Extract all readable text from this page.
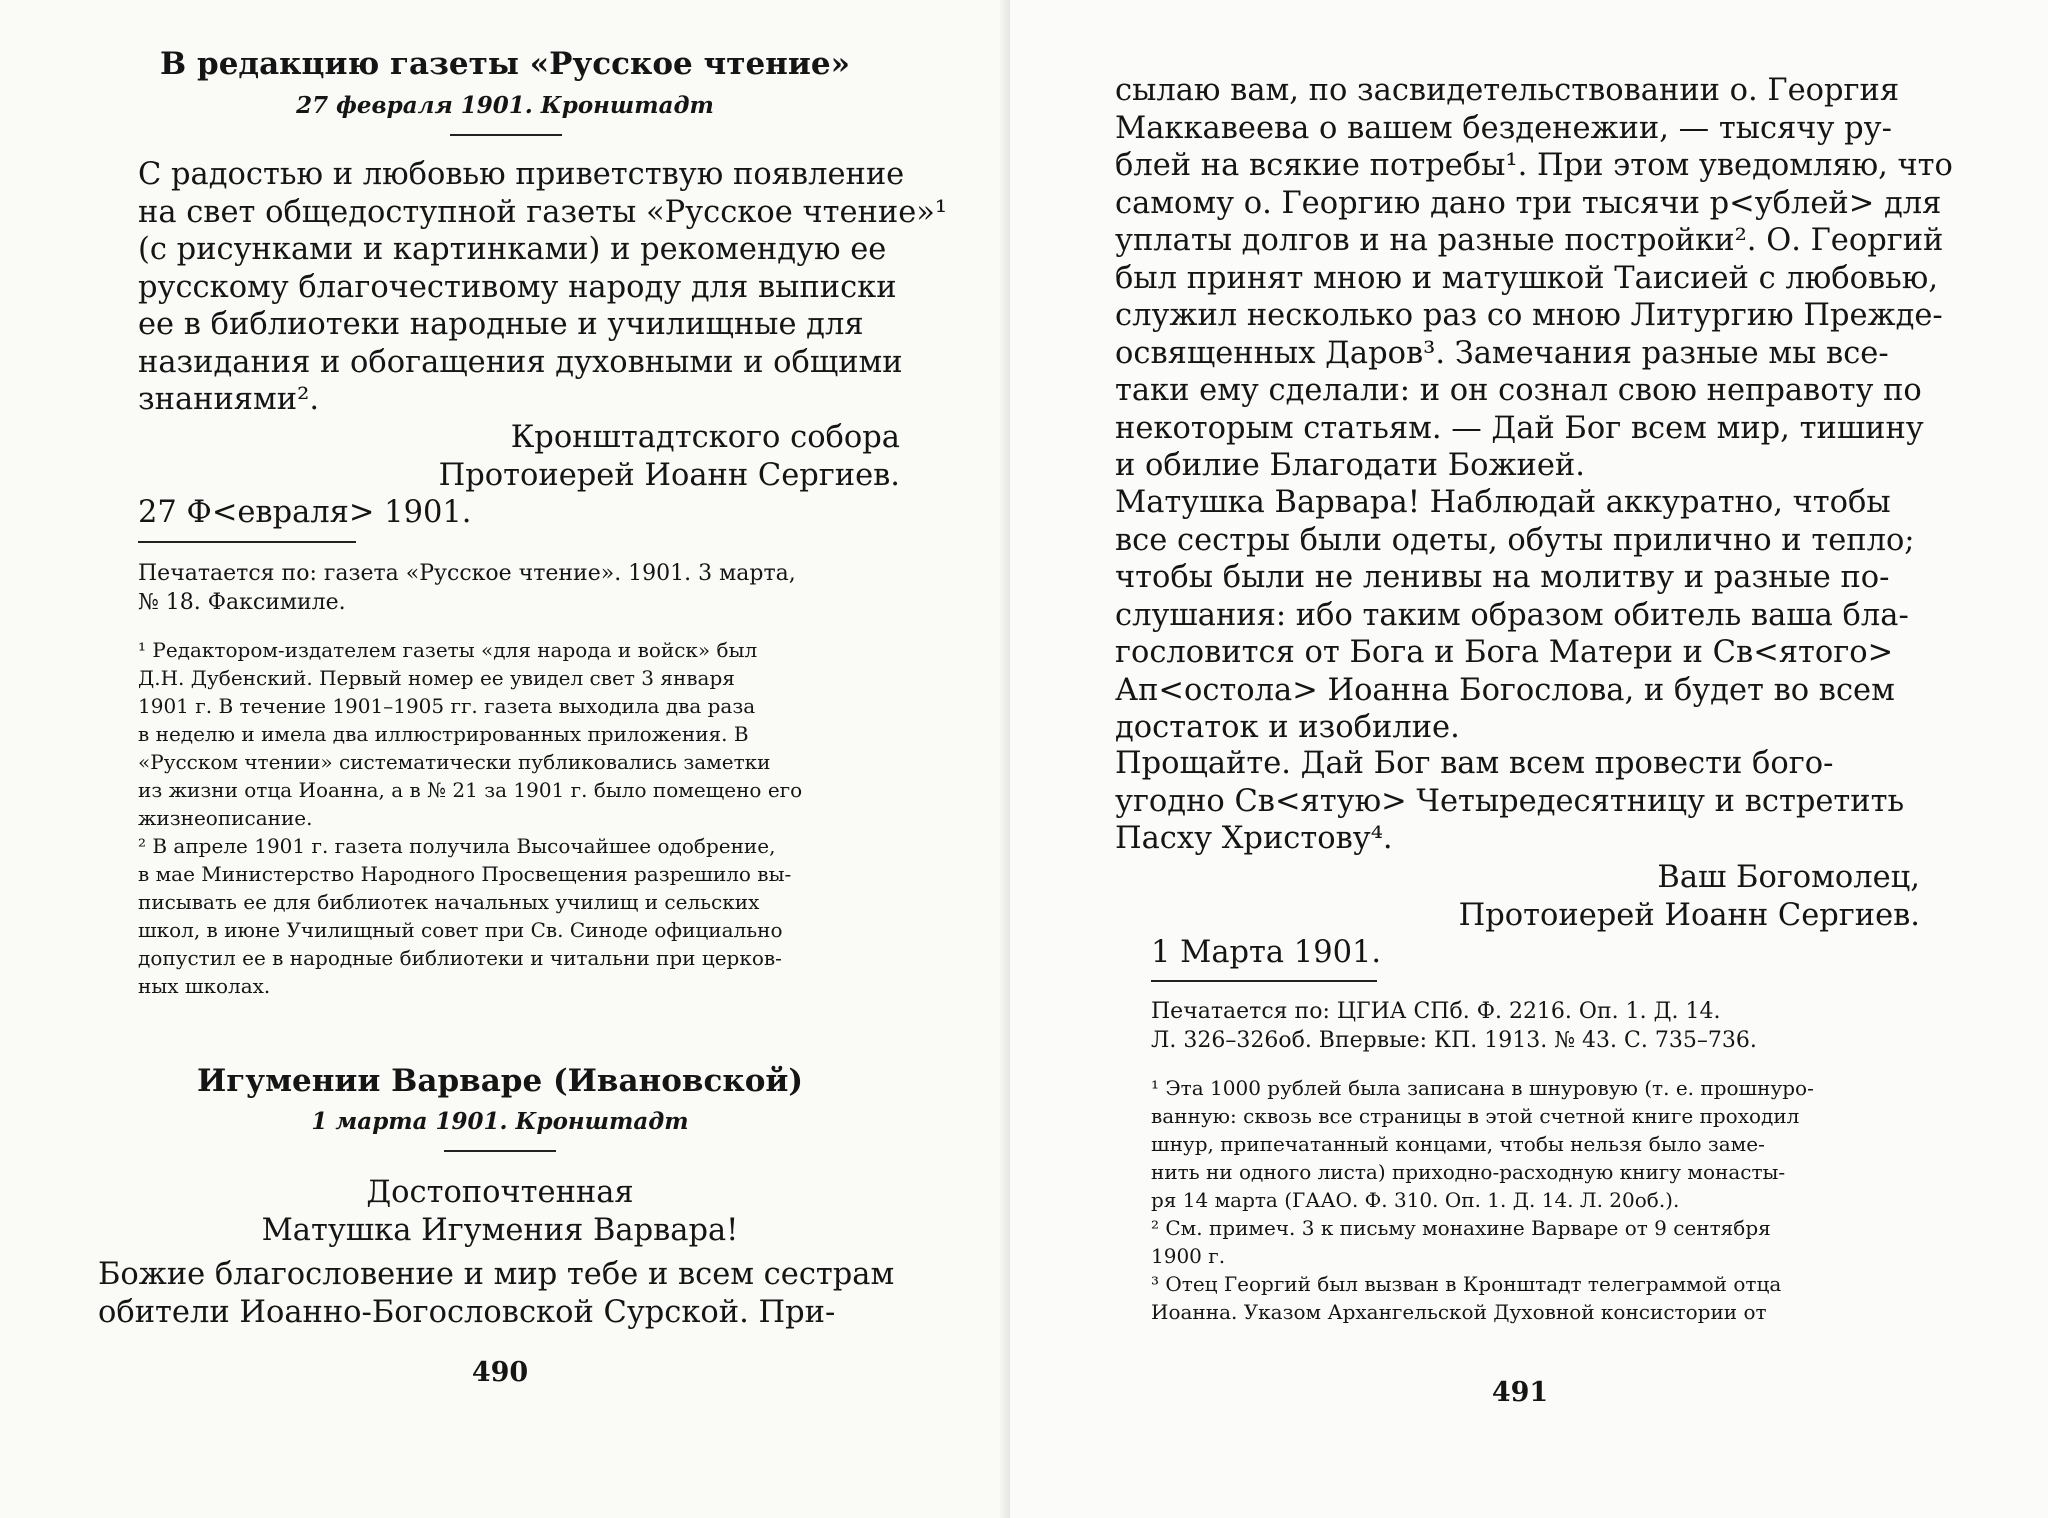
В редакцию газеты «Русское чтение»
27 февраля 1901. Кронштадт
С радостью и любовью приветствую появление
на свет общедоступной газеты «Русское чтение»¹
(с рисунками и картинками) и рекомендую ее
русскому благочестивому народу для выписки
ее в библиотеки народные и училищные для
назидания и обогащения духовными и общими
знаниями².
Кронштадтского собора
Протоиерей Иоанн Сергиев.
27 Ф<евраля> 1901.
Печатается по: газета «Русское чтение». 1901. 3 марта,
№ 18. Факсимиле.
¹ Редактором-издателем газеты «для народа и войск» был
Д.Н. Дубенский. Первый номер ее увидел свет 3 января
1901 г. В течение 1901–1905 гг. газета выходила два раза
в неделю и имела два иллюстрированных приложения. В
«Русском чтении» систематически публиковались заметки
из жизни отца Иоанна, а в № 21 за 1901 г. было помещено его
жизнеописание.
² В апреле 1901 г. газета получила Высочайшее одобрение,
в мае Министерство Народного Просвещения разрешило вы-
писывать ее для библиотек начальных училищ и сельских
школ, в июне Училищный совет при Св. Синоде официально
допустил ее в народные библиотеки и читальни при церков-
ных школах.
Игумении Варваре (Ивановской)
1 марта 1901. Кронштадт
Достопочтенная
Матушка Игумения Варвара!
Божие благословение и мир тебе и всем сестрам
обители Иоанно-Богословской Сурской. При-
490
сылаю вам, по засвидетельствовании о. Георгия
Маккавеева о вашем безденежии, — тысячу ру-
блей на всякие потребы¹. При этом уведомляю, что
самому о. Георгию дано три тысячи р<ублей> для
уплаты долгов и на разные постройки². О. Георгий
был принят мною и матушкой Таисией с любовью,
служил несколько раз со мною Литургию Прежде-
освященных Даров³. Замечания разные мы все-
таки ему сделали: и он сознал свою неправоту по
некоторым статьям. — Дай Бог всем мир, тишину
и обилие Благодати Божией.
Матушка Варвара! Наблюдай аккуратно, чтобы
все сестры были одеты, обуты прилично и тепло;
чтобы были не ленивы на молитву и разные по-
слушания: ибо таким образом обитель ваша бла-
гословится от Бога и Бога Матери и Св<ятого>
Ап<остола> Иоанна Богослова, и будет во всем
достаток и изобилие.
Прощайте. Дай Бог вам всем провести бого-
угодно Св<ятую> Четыредесятницу и встретить
Пасху Христову⁴.
Ваш Богомолец,
Протоиерей Иоанн Сергиев.
1 Марта 1901.
Печатается по: ЦГИА СПб. Ф. 2216. Оп. 1. Д. 14.
Л. 326–326об. Впервые: КП. 1913. № 43. С. 735–736.
¹ Эта 1000 рублей была записана в шнуровую (т. е. прошнуро-
ванную: сквозь все страницы в этой счетной книге проходил
шнур, припечатанный концами, чтобы нельзя было заме-
нить ни одного листа) приходно-расходную книгу монасты-
ря 14 марта (ГААО. Ф. 310. Оп. 1. Д. 14. Л. 20об.).
² См. примеч. 3 к письму монахине Варваре от 9 сентября
1900 г.
³ Отец Георгий был вызван в Кронштадт телеграммой отца
Иоанна. Указом Архангельской Духовной консистории от
491
